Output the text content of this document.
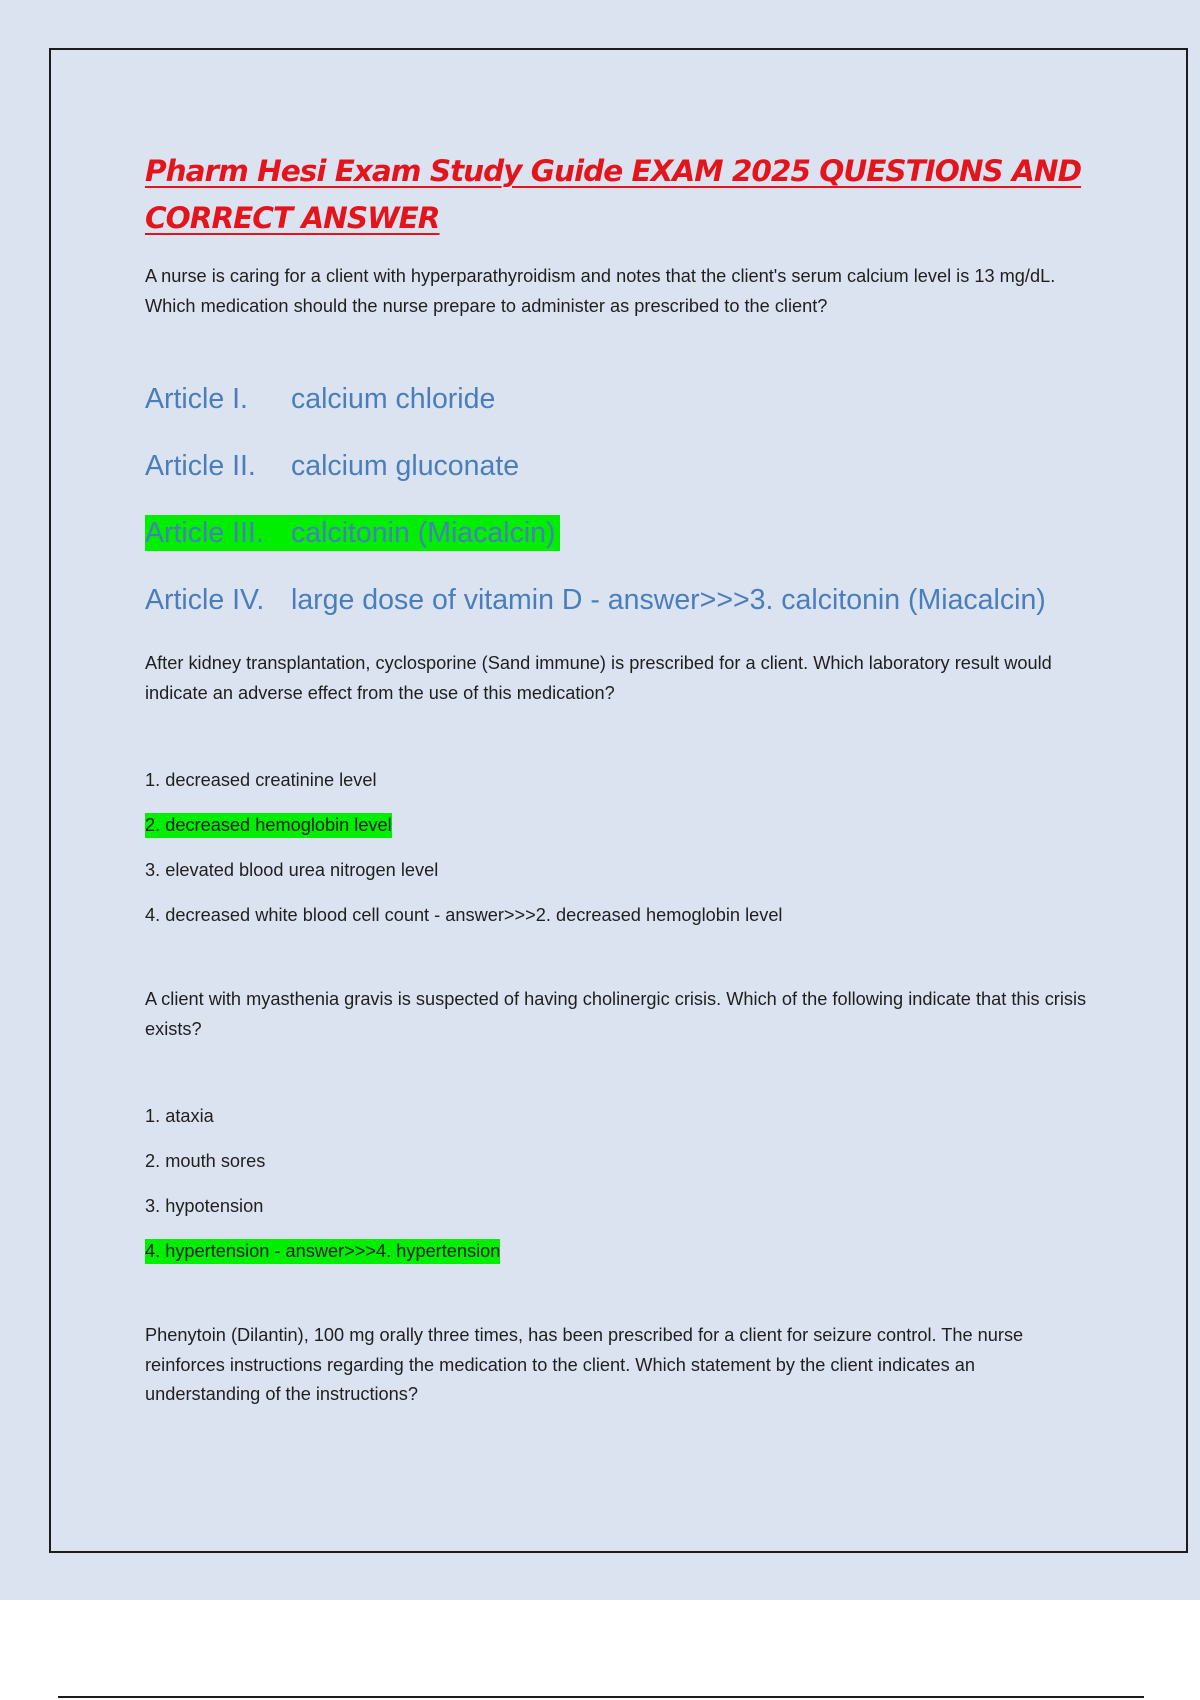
Pharm Hesi Exam Study Guide EXAM 2025 QUESTIONS AND
CORRECT ANSWER

A nurse is caring for a client with hyperparathyroidism and notes that the client's serum calcium level is 13 mg/dL. Which medication should the nurse prepare to administer as prescribed to the client?

Article I. calcium chloride
Article II. calcium gluconate
Article III. calcitonin (Miacalcin)
Article IV. large dose of vitamin D - answer>>>3. calcitonin (Miacalcin)

After kidney transplantation, cyclosporine (Sand immune) is prescribed for a client. Which laboratory result would indicate an adverse effect from the use of this medication?

1. decreased creatinine level
2. decreased hemoglobin level
3. elevated blood urea nitrogen level
4. decreased white blood cell count - answer>>>2. decreased hemoglobin level

A client with myasthenia gravis is suspected of having cholinergic crisis. Which of the following indicate that this crisis exists?

1. ataxia
2. mouth sores
3. hypotension
4. hypertension - answer>>>4. hypertension

Phenytoin (Dilantin), 100 mg orally three times, has been prescribed for a client for seizure control. The nurse reinforces instructions regarding the medication to the client. Which statement by the client indicates an understanding of the instructions?
